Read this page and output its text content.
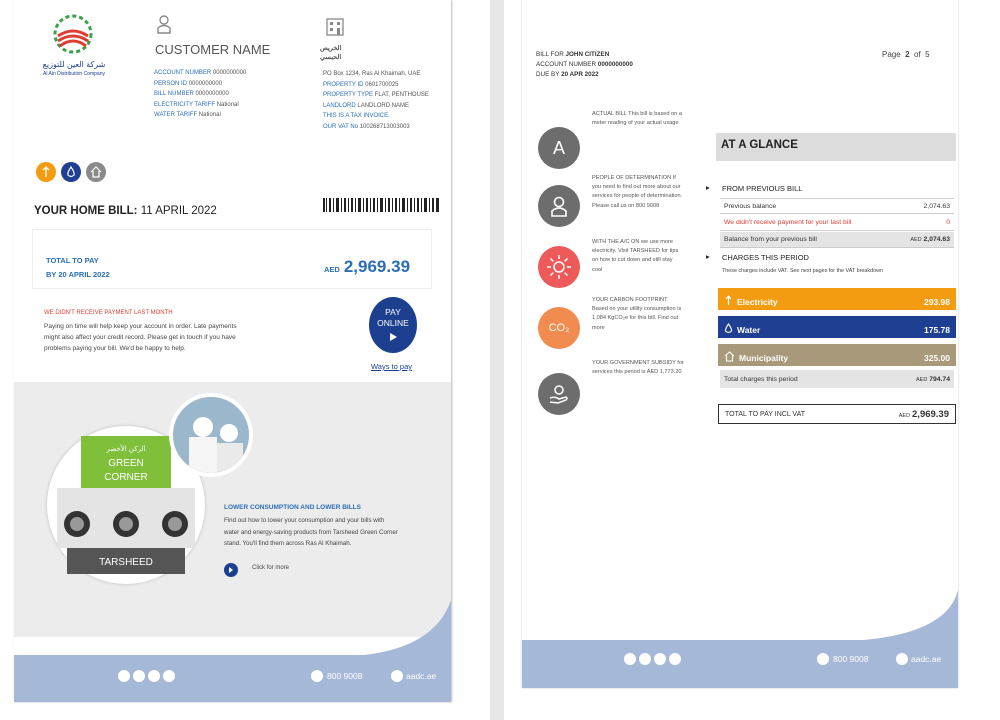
شركة العين للتوزيع
Al Ain Distribution Company
CUSTOMER NAME
ACCOUNT NUMBER 0000000000
PERSON ID 0000000000
BILL NUMBER 0000000000
ELECTRICITY TARIFF National
WATER TARIFF National
الخريص
الحبسي
PO Box 1234, Ras Al Khaimah, UAE
PROPERTY ID 0601700025
PROPERTY TYPE FLAT, PENTHOUSE
LANDLORD LANDLORD NAME
THIS IS A TAX INVOICE.
OUR VAT No 100268713003003
YOUR HOME BILL: 11 APRIL 2022
TOTAL TO PAY
BY 20 APRIL 2022
AED 2,969.39
WE DIDN'T RECEIVE PAYMENT LAST MONTH
Paying on time will help keep your account in order. Late payments might also affect your credit record. Please get in touch if you have problems paying your bill. We'd be happy to help.
PAY
ONLINE
Ways to pay
الركن الأخضر
GREEN
CORNER
TARSHEED
LOWER CONSUMPTION AND LOWER BILLS
Find out how to lower your consumption and your bills with water and energy-saving products from Tarsheed Green Corner stand. You'll find them across Ras Al Khaimah.
Click for more
800 9008	aadc.ae
BILL FOR JOHN CITIZEN
ACCOUNT NUMBER 0000000000
DUE BY 20 APR 2022
Page 2 of 5
A
ACTUAL BILL This bill is based on a meter reading of your actual usage
PEOPLE OF DETERMINATION If you need to find out more about our services for people of determination. Please call us on 800 9008
WITH THE A/C ON we use more electricity. Visit TARSHEED for tips on how to cut down and still stay cool
CO₂
YOUR CARBON FOOTPRINT Based on your utility consumption is 1,084 KgCO₂e for this bill. Find out more
YOUR GOVERNMENT SUBSIDY for services this period is AED 1,773.20
AT A GLANCE
▸ FROM PREVIOUS BILL
Previous balance	2,074.63
We didn't receive payment for your last bill	0
Balance from your previous bill	AED 2,074.63
▸ CHARGES THIS PERIOD
These charges include VAT. See next pages for the VAT breakdown
Electricity	293.98
Water	175.78
Municipality	325.00
Total charges this period	AED 794.74
TOTAL TO PAY INCL VAT	AED 2,969.39
800 9008	aadc.ae
